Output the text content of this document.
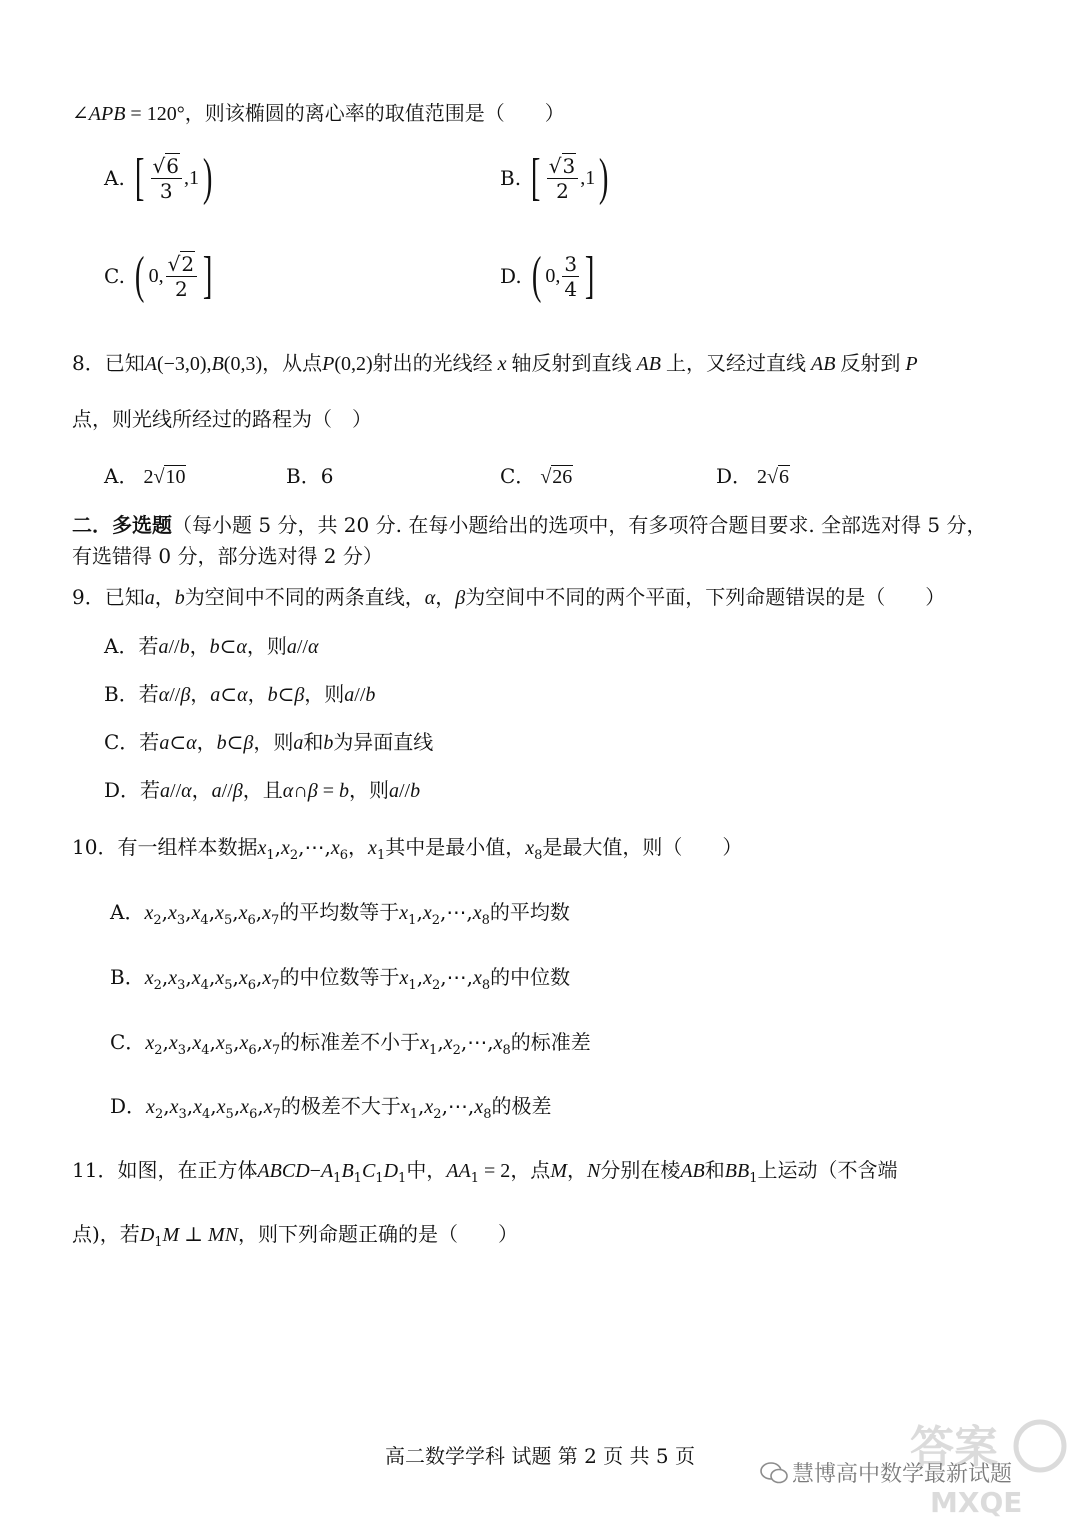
∠APB = 120°，则该椭圆的离心率的取值范围是（　　）
A. [ $\frac{√6}{3} ,1$)	B. [ $\frac{√3}{2} ,1$)
C. ( 0, $\frac{√2}{2}$ ]	D. ( 0, $\frac{3}{4}$ ]
8．已知A(−3,0),B(0,3)，从点P(0,2)射出的光线经 x 轴反射到直线 AB 上，又经过直线 AB 反射到 P
点，则光线所经过的路程为（　）
A． 2√10	B．6	C． √26	D． 2√6
二．多选题（每小题 5 分，共 20 分. 在每小题给出的选项中，有多项符合题目要求. 全部选对得 5 分，
有选错得 0 分，部分选对得 2 分）
9．已知a，b为空间中不同的两条直线，α，β为空间中不同的两个平面，下列命题错误的是（　　）
A．若a//b，b⊂α，则a//α
B．若α//β，a⊂α，b⊂β，则a//b
C．若a⊂α，b⊂β，则a和b为异面直线
D．若a//α，a//β，且α∩β = b，则a//b
10．有一组样本数据$x_1,x_2,\cdots,x_6$，$x_1$其中是最小值，$x_8$是最大值，则（　　）
A．$x_2,x_3,x_4,x_5,x_6,x_7$的平均数等于$x_1,x_2,\cdots,x_8$的平均数
B．$x_2,x_3,x_4,x_5,x_6,x_7$的中位数等于$x_1,x_2,\cdots,x_8$的中位数
C．$x_2,x_3,x_4,x_5,x_6,x_7$的标准差不小于$x_1,x_2,\cdots,x_8$的标准差
D．$x_2,x_3,x_4,x_5,x_6,x_7$的极差不大于$x_1,x_2,\cdots,x_8$的极差
11．如图，在正方体$ABCD-A_1B_1C_1D_1$中，$AA_1 = 2$，点M，N分别在棱AB和$BB_1$上运动（不含端
点)，若$D_1M$ ⊥ MN，则下列命题正确的是（　　）
高二数学学科 试题 第 2 页 共 5 页	答案
MXQE
慧博高中数学最新试题
